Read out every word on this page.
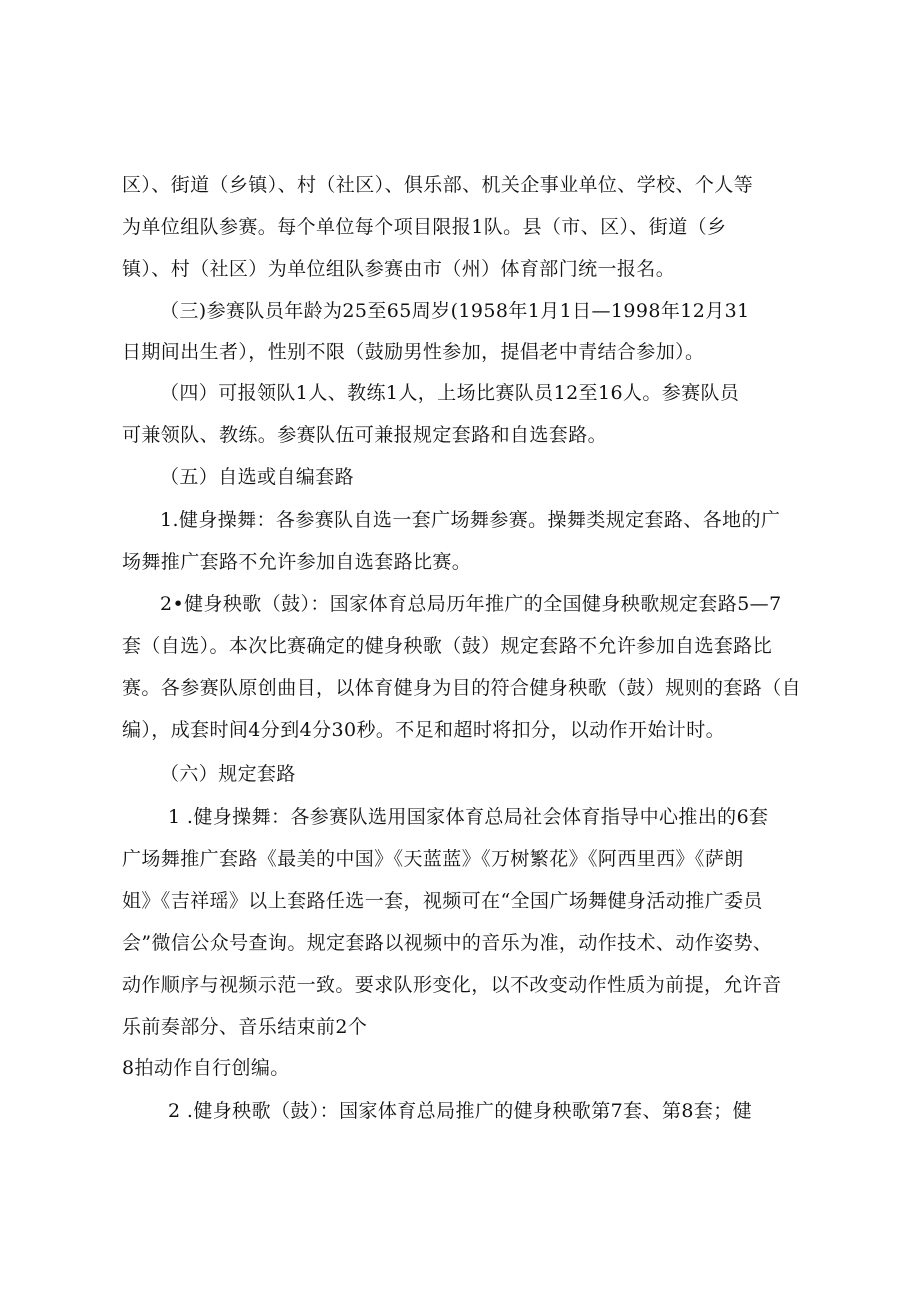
区）、街道（乡镇）、村（社区）、俱乐部、机关企事业单位、学校、个人等
为单位组队参赛。每个单位每个项目限报1队。县（市、区）、街道（乡
镇）、村（社区）为单位组队参赛由市（州）体育部门统一报名。
（三)参赛队员年龄为25至65周岁(1958年1月1日—1998年12月31
日期间出生者），性别不限（鼓励男性参加，提倡老中青结合参加）。
（四）可报领队1人、教练1人，上场比赛队员12至16人。参赛队员
可兼领队、教练。参赛队伍可兼报规定套路和自选套路。
（五）自选或自编套路
1.健身操舞：各参赛队自选一套广场舞参赛。操舞类规定套路、各地的广
场舞推广套路不允许参加自选套路比赛。
2•健身秧歌（鼓）：国家体育总局历年推广的全国健身秧歌规定套路5—7
套（自选）。本次比赛确定的健身秧歌（鼓）规定套路不允许参加自选套路比
赛。各参赛队原创曲目，以体育健身为目的符合健身秧歌（鼓）规则的套路（自
编），成套时间4分到4分30秒。不足和超时将扣分，以动作开始计时。
（六）规定套路
1 .健身操舞：各参赛队选用国家体育总局社会体育指导中心推出的6套
广场舞推广套路《最美的中国》《天蓝蓝》《万树繁花》《阿西里西》《萨朗
姐》《吉祥瑶》以上套路任选一套，视频可在“全国广场舞健身活动推广委员
会”微信公众号查询。规定套路以视频中的音乐为准，动作技术、动作姿势、
动作顺序与视频示范一致。要求队形变化，以不改变动作性质为前提，允许音
乐前奏部分、音乐结束前2个
8拍动作自行创编。
2 .健身秧歌（鼓）：国家体育总局推广的健身秧歌第7套、第8套；健
